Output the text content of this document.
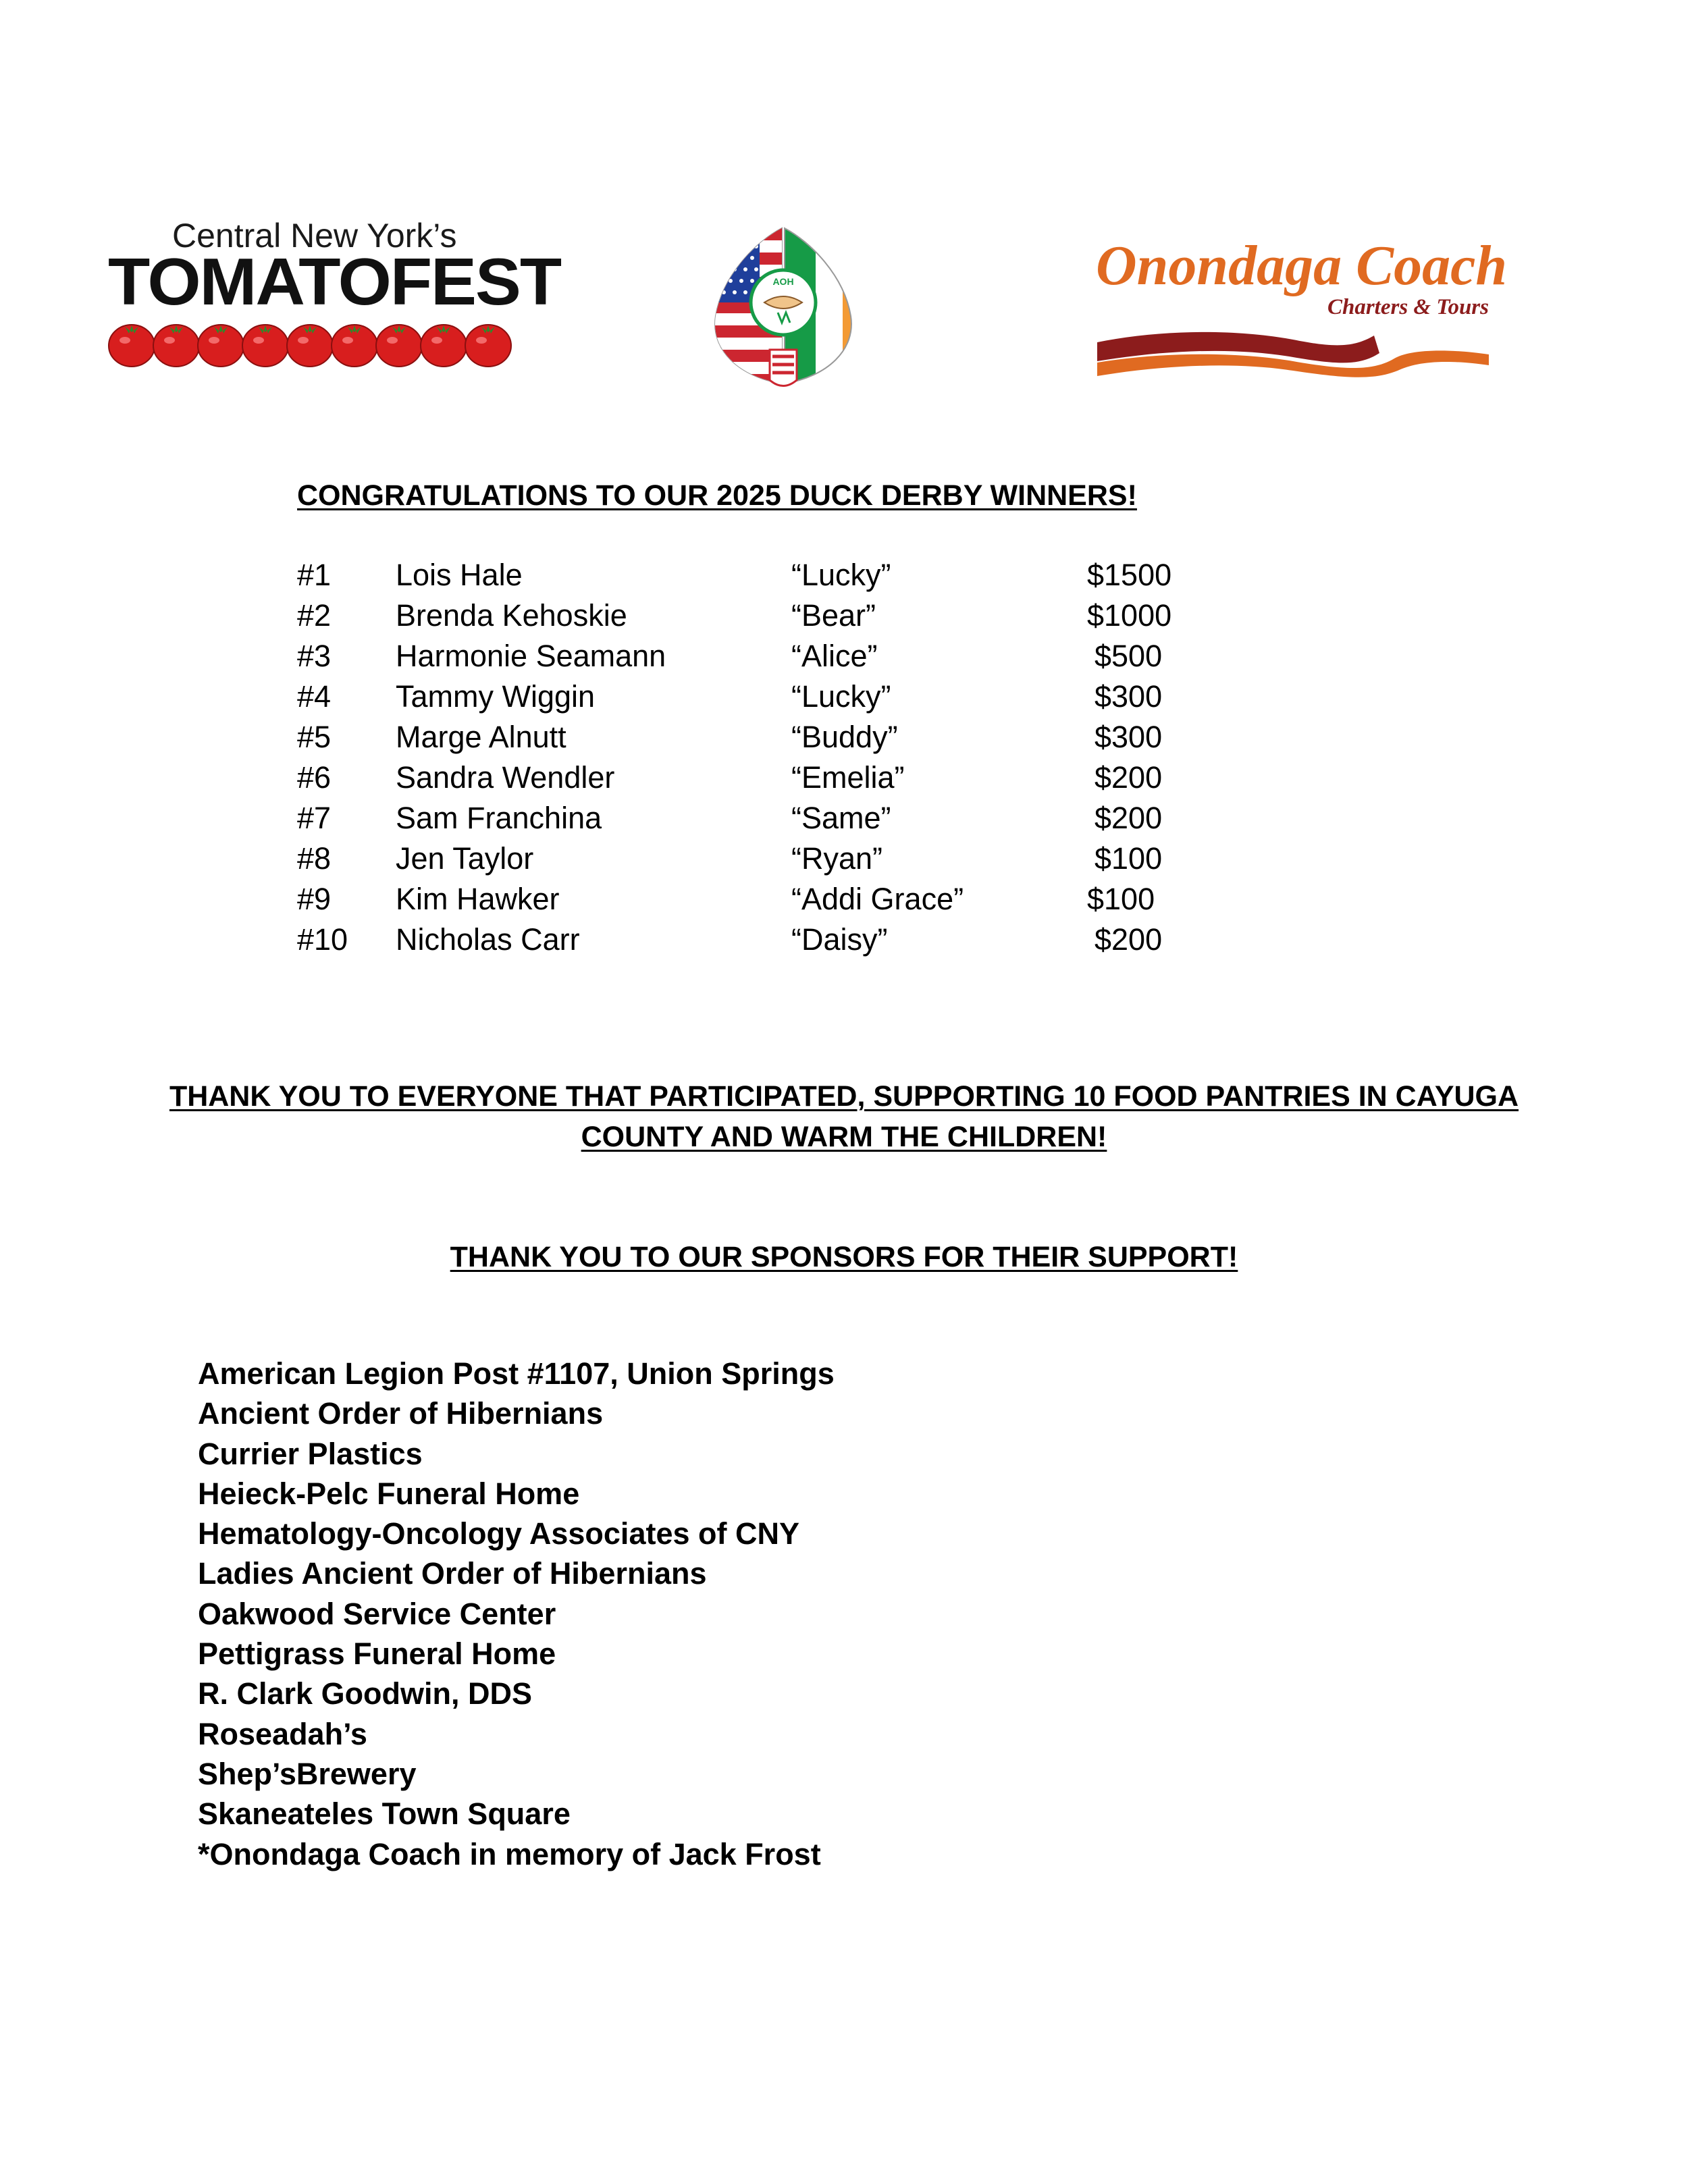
Central New York’s
TOMATOFEST	AOH	Onondaga Coach
Charters & Tours
CONGRATULATIONS TO OUR 2025 DUCK DERBY WINNERS!
#1 Lois Hale	“Lucky”	$1500
#2 Brenda Kehoskie	“Bear”	$1000
#3 Harmonie Seamann	“Alice”	$500
#4 Tammy Wiggin	“Lucky”	$300
#5 Marge Alnutt	“Buddy”	$300
#6 Sandra Wendler	“Emelia”	$200
#7 Sam Franchina	“Same”	$200
#8 Jen Taylor	“Ryan”	$100
#9 Kim Hawker	“Addi Grace”	$100
#10 Nicholas Carr	“Daisy”	$200
THANK YOU TO EVERYONE THAT PARTICIPATED, SUPPORTING 10 FOOD PANTRIES IN CAYUGA COUNTY AND WARM THE CHILDREN!
THANK YOU TO OUR SPONSORS FOR THEIR SUPPORT!
American Legion Post #1107, Union Springs
Ancient Order of Hibernians
Currier Plastics
Heieck-Pelc Funeral Home
Hematology-Oncology Associates of CNY
Ladies Ancient Order of Hibernians
Oakwood Service Center
Pettigrass Funeral Home
R. Clark Goodwin, DDS
Roseadah’s
Shep’sBrewery
Skaneateles Town Square
*Onondaga Coach in memory of Jack Frost
